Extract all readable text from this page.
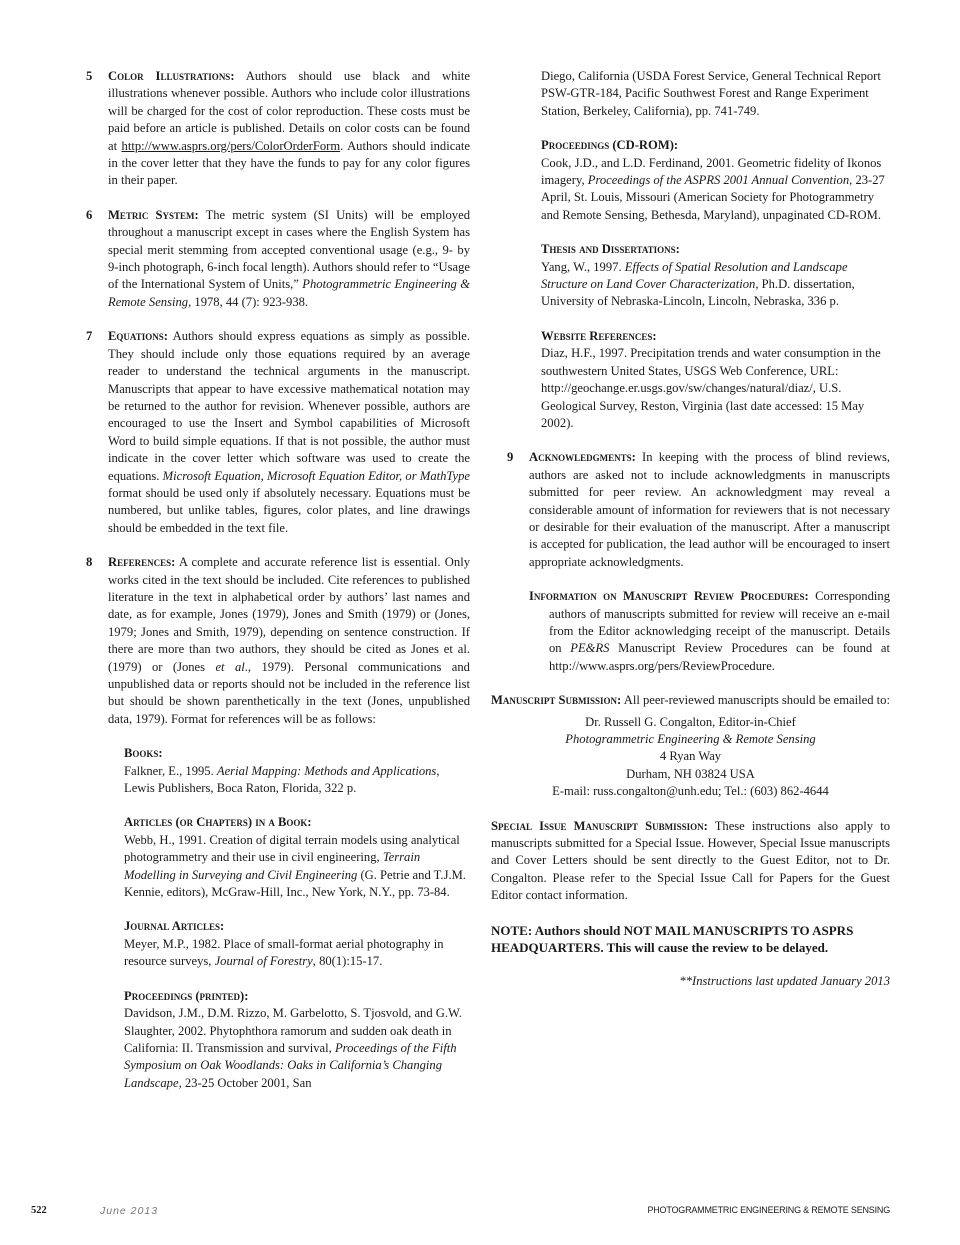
5 Color Illustrations: Authors should use black and white illustrations whenever possible. Authors who include color illustrations will be charged for the cost of color reproduction. These costs must be paid before an article is published. Details on color costs can be found at http://www.asprs.org/pers/ColorOrderForm. Authors should indicate in the cover letter that they have the funds to pay for any color figures in their paper.
6 Metric System: The metric system (SI Units) will be employed throughout a manuscript except in cases where the English System has special merit stemming from accepted conventional usage (e.g., 9- by 9-inch photograph, 6-inch focal length). Authors should refer to “Usage of the International System of Units,” Photogrammetric Engineering & Remote Sensing, 1978, 44 (7): 923-938.
7 Equations: Authors should express equations as simply as possible. They should include only those equations required by an average reader to understand the technical arguments in the manuscript. Manuscripts that appear to have excessive mathematical notation may be returned to the author for revision. Whenever possible, authors are encouraged to use the Insert and Symbol capabilities of Microsoft Word to build simple equations. If that is not possible, the author must indicate in the cover letter which software was used to create the equations. Microsoft Equation, Microsoft Equation Editor, or MathType format should be used only if absolutely necessary. Equations must be numbered, but unlike tables, figures, color plates, and line drawings should be embedded in the text file.
8 References: A complete and accurate reference list is essential. Only works cited in the text should be included. Cite references to published literature in the text in alphabetical order by authors’ last names and date, as for example, Jones (1979), Jones and Smith (1979) or (Jones, 1979; Jones and Smith, 1979), depending on sentence construction. If there are more than two authors, they should be cited as Jones et al. (1979) or (Jones et al., 1979). Personal communications and unpublished data or reports should not be included in the reference list but should be shown parenthetically in the text (Jones, unpublished data, 1979). Format for references will be as follows:
Books:
Falkner, E., 1995. Aerial Mapping: Methods and Applications, Lewis Publishers, Boca Raton, Florida, 322 p.
Articles (or Chapters) in a Book:
Webb, H., 1991. Creation of digital terrain models using analytical photogrammetry and their use in civil engineering, Terrain Modelling in Surveying and Civil Engineering (G. Petrie and T.J.M. Kennie, editors), McGraw-Hill, Inc., New York, N.Y., pp. 73-84.
Journal Articles:
Meyer, M.P., 1982. Place of small-format aerial photography in resource surveys, Journal of Forestry, 80(1):15-17.
Proceedings (printed):
Davidson, J.M., D.M. Rizzo, M. Garbelotto, S. Tjosvold, and G.W. Slaughter, 2002. Phytophthora ramorum and sudden oak death in California: II. Transmission and survival, Proceedings of the Fifth Symposium on Oak Woodlands: Oaks in California’s Changing Landscape, 23-25 October 2001, San
Diego, California (USDA Forest Service, General Technical Report PSW-GTR-184, Pacific Southwest Forest and Range Experiment Station, Berkeley, California), pp. 741-749.
Proceedings (CD-ROM):
Cook, J.D., and L.D. Ferdinand, 2001. Geometric fidelity of Ikonos imagery, Proceedings of the ASPRS 2001 Annual Convention, 23-27 April, St. Louis, Missouri (American Society for Photogrammetry and Remote Sensing, Bethesda, Maryland), unpaginated CD-ROM.
Thesis and Dissertations:
Yang, W., 1997. Effects of Spatial Resolution and Landscape Structure on Land Cover Characterization, Ph.D. dissertation, University of Nebraska-Lincoln, Lincoln, Nebraska, 336 p.
Website References:
Diaz, H.F., 1997. Precipitation trends and water consumption in the southwestern United States, USGS Web Conference, URL: http://geochange.er.usgs.gov/sw/changes/natural/diaz/, U.S. Geological Survey, Reston, Virginia (last date accessed: 15 May 2002).
9 Acknowledgments: In keeping with the process of blind reviews, authors are asked not to include acknowledgments in manuscripts submitted for peer review. An acknowledgment may reveal a considerable amount of information for reviewers that is not necessary or desirable for their evaluation of the manuscript. After a manuscript is accepted for publication, the lead author will be encouraged to insert appropriate acknowledgments.
Information on Manuscript Review Procedures: Corresponding authors of manuscripts submitted for review will receive an e-mail from the Editor acknowledging receipt of the manuscript. Details on PE&RS Manuscript Review Procedures can be found at http://www.asprs.org/pers/ReviewProcedure.
Manuscript Submission: All peer-reviewed manuscripts should be emailed to:
Dr. Russell G. Congalton, Editor-in-Chief
Photogrammetric Engineering & Remote Sensing
4 Ryan Way
Durham, NH 03824 USA
E-mail: russ.congalton@unh.edu; Tel.: (603) 862-4644
Special Issue Manuscript Submission: These instructions also apply to manuscripts submitted for a Special Issue. However, Special Issue manuscripts and Cover Letters should be sent directly to the Guest Editor, not to Dr. Congalton. Please refer to the Special Issue Call for Papers for the Guest Editor contact information.
NOTE: Authors should NOT MAIL MANUSCRIPTS TO ASPRS HEADQUARTERS. This will cause the review to be delayed.
**Instructions last updated January 2013
522	June 2013	PHOTOGRAMMETRIC ENGINEERING & REMOTE SENSING
